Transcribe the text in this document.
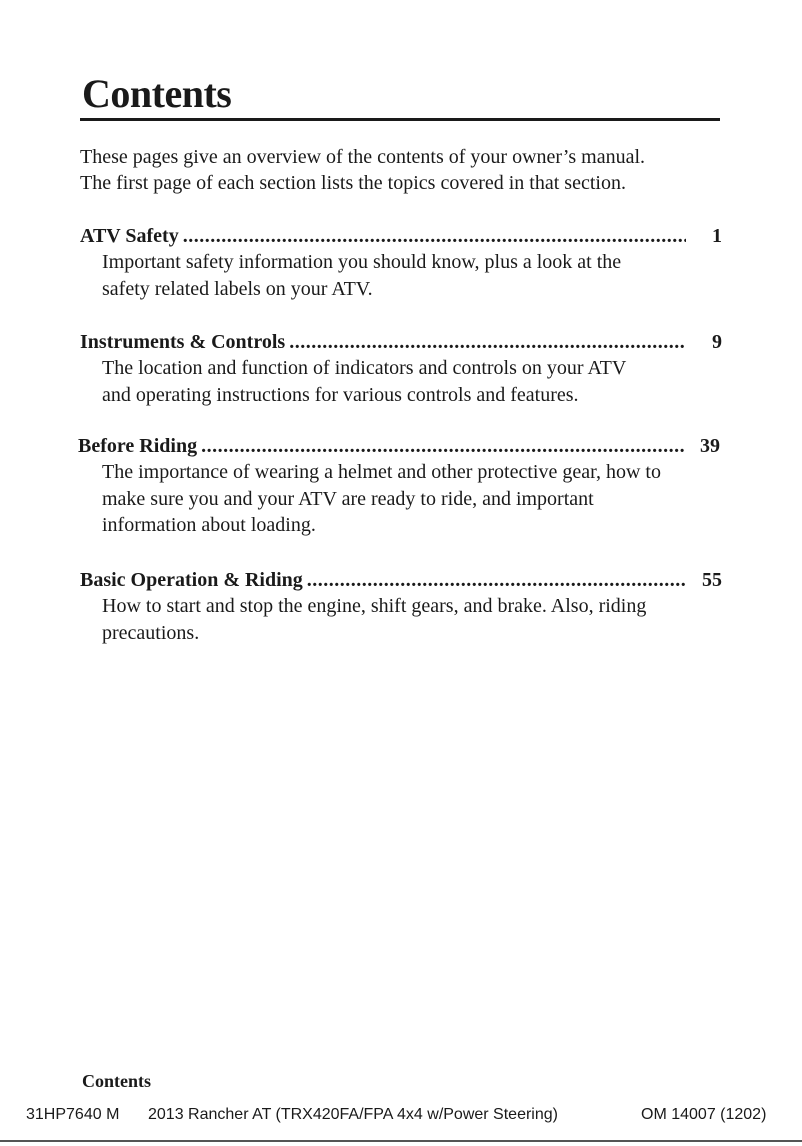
Contents
These pages give an overview of the contents of your owner’s manual.
The first page of each section lists the topics covered in that section.
ATV Safety .....	1
Important safety information you should know, plus a look at the
safety related labels on your ATV.
Instruments & Controls .....	9
The location and function of indicators and controls on your ATV
and operating instructions for various controls and features.
Before Riding .....	39
The importance of wearing a helmet and other protective gear, how to
make sure you and your ATV are ready to ride, and important
information about loading.
Basic Operation & Riding .....	55
How to start and stop the engine, shift gears, and brake. Also, riding
precautions.
Contents
31HP7640 M 2013 Rancher AT (TRX420FA/FPA 4x4 w/Power Steering)	OM 14007 (1202)
